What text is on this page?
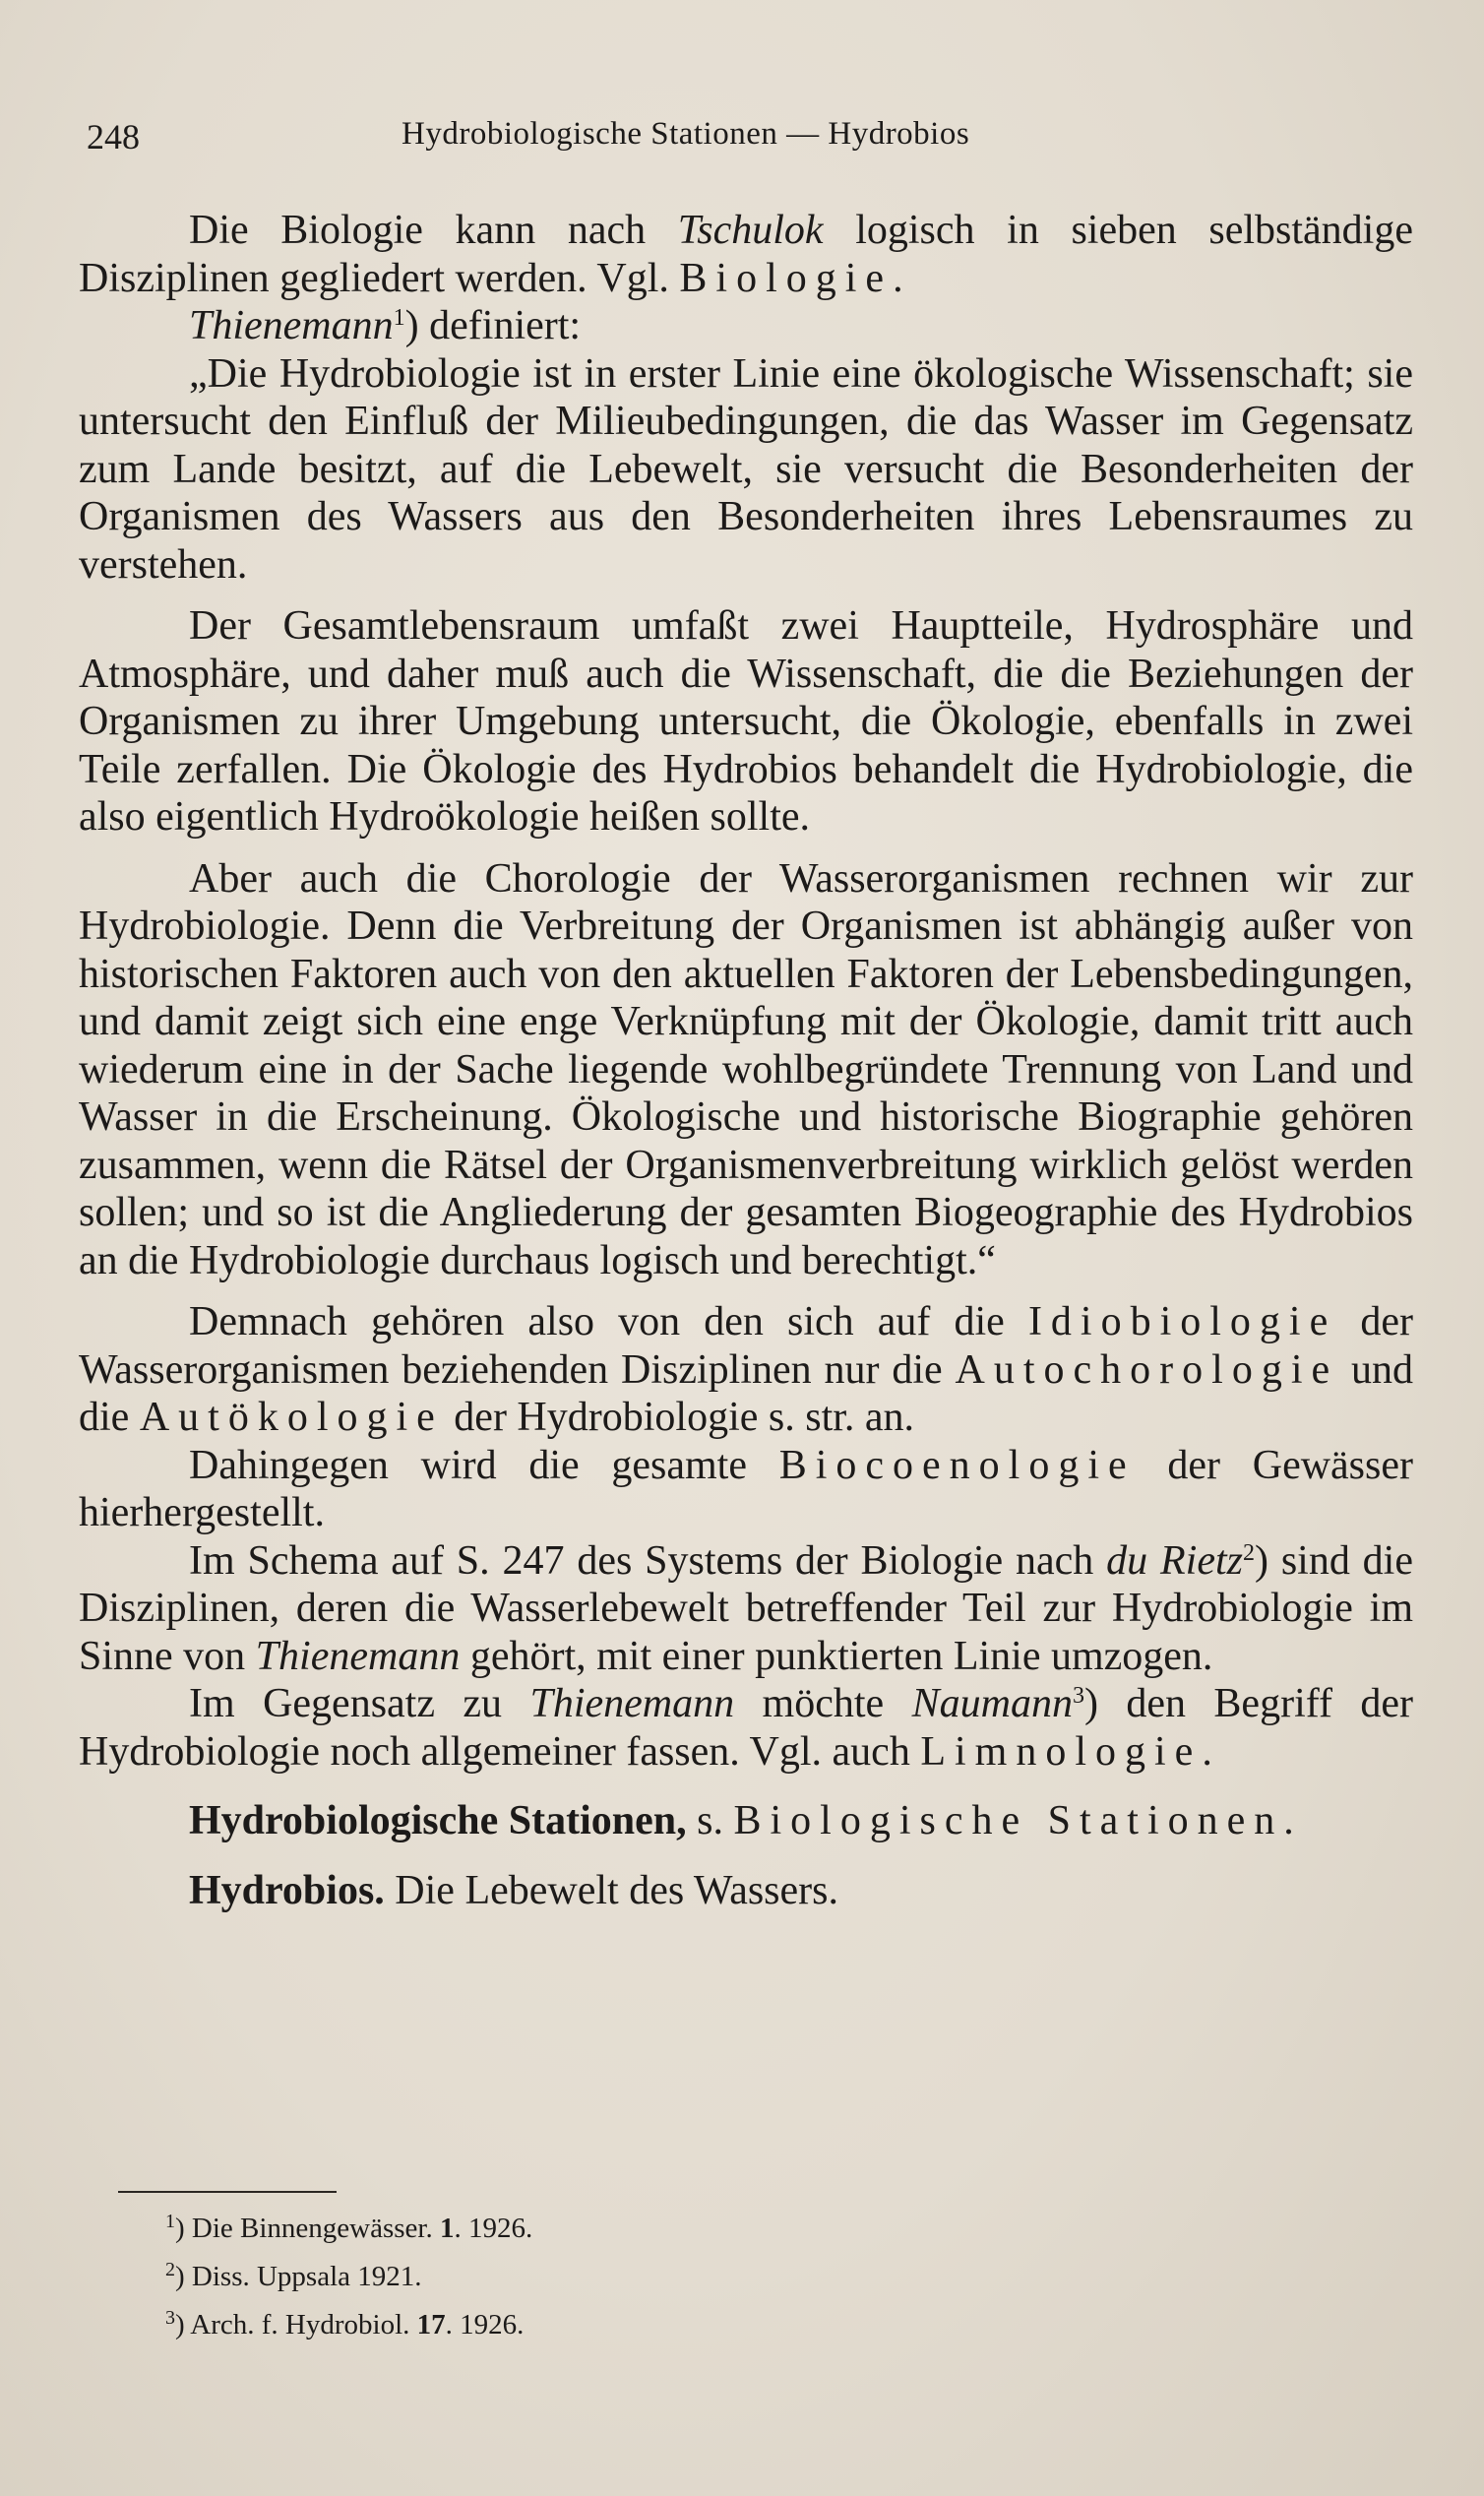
248	Hydrobiologische Stationen — Hydrobios

Die Biologie kann nach Tschulok logisch in sieben selbständige Disziplinen gegliedert werden. Vgl. Biologie.

Thienemann$^1$) definiert:

„Die Hydrobiologie ist in erster Linie eine ökologische Wissenschaft; sie untersucht den Einfluß der Milieubedingungen, die das Wasser im Gegensatz zum Lande besitzt, auf die Lebewelt, sie versucht die Besonderheiten der Organismen des Wassers aus den Besonderheiten ihres Lebensraumes zu verstehen.

Der Gesamtlebensraum umfaßt zwei Hauptteile, Hydrosphäre und Atmosphäre, und daher muß auch die Wissenschaft, die die Beziehungen der Organismen zu ihrer Umgebung untersucht, die Ökologie, ebenfalls in zwei Teile zerfallen. Die Ökologie des Hydrobios behandelt die Hydrobiologie, die also eigentlich Hydroökologie heißen sollte.

Aber auch die Chorologie der Wasserorganismen rechnen wir zur Hydrobiologie. Denn die Verbreitung der Organismen ist abhängig außer von historischen Faktoren auch von den aktuellen Faktoren der Lebensbedingungen, und damit zeigt sich eine enge Verknüpfung mit der Ökologie, damit tritt auch wiederum eine in der Sache liegende wohlbegründete Trennung von Land und Wasser in die Erscheinung. Ökologische und historische Biographie gehören zusammen, wenn die Rätsel der Organismenverbreitung wirklich gelöst werden sollen; und so ist die Angliederung der gesamten Biogeographie des Hydrobios an die Hydrobiologie durchaus logisch und berechtigt.“

Demnach gehören also von den sich auf die Idiobiologie der Wasserorganismen beziehenden Disziplinen nur die Autochorologie und die Autökologie der Hydrobiologie s. str. an.

Dahingegen wird die gesamte Biocoenologie der Gewässer hierhergestellt.

Im Schema auf S. 247 des Systems der Biologie nach du Rietz$^2$) sind die Disziplinen, deren die Wasserlebewelt betreffender Teil zur Hydrobiologie im Sinne von Thienemann gehört, mit einer punktierten Linie umzogen.

Im Gegensatz zu Thienemann möchte Naumann$^3$) den Begriff der Hydrobiologie noch allgemeiner fassen. Vgl. auch Limnologie.

Hydrobiologische Stationen, s. Biologische Stationen.

Hydrobios. Die Lebewelt des Wassers.

$^1$) Die Binnengewässer. 1. 1926.
$^2$) Diss. Uppsala 1921.
$^3$) Arch. f. Hydrobiol. 17. 1926.
